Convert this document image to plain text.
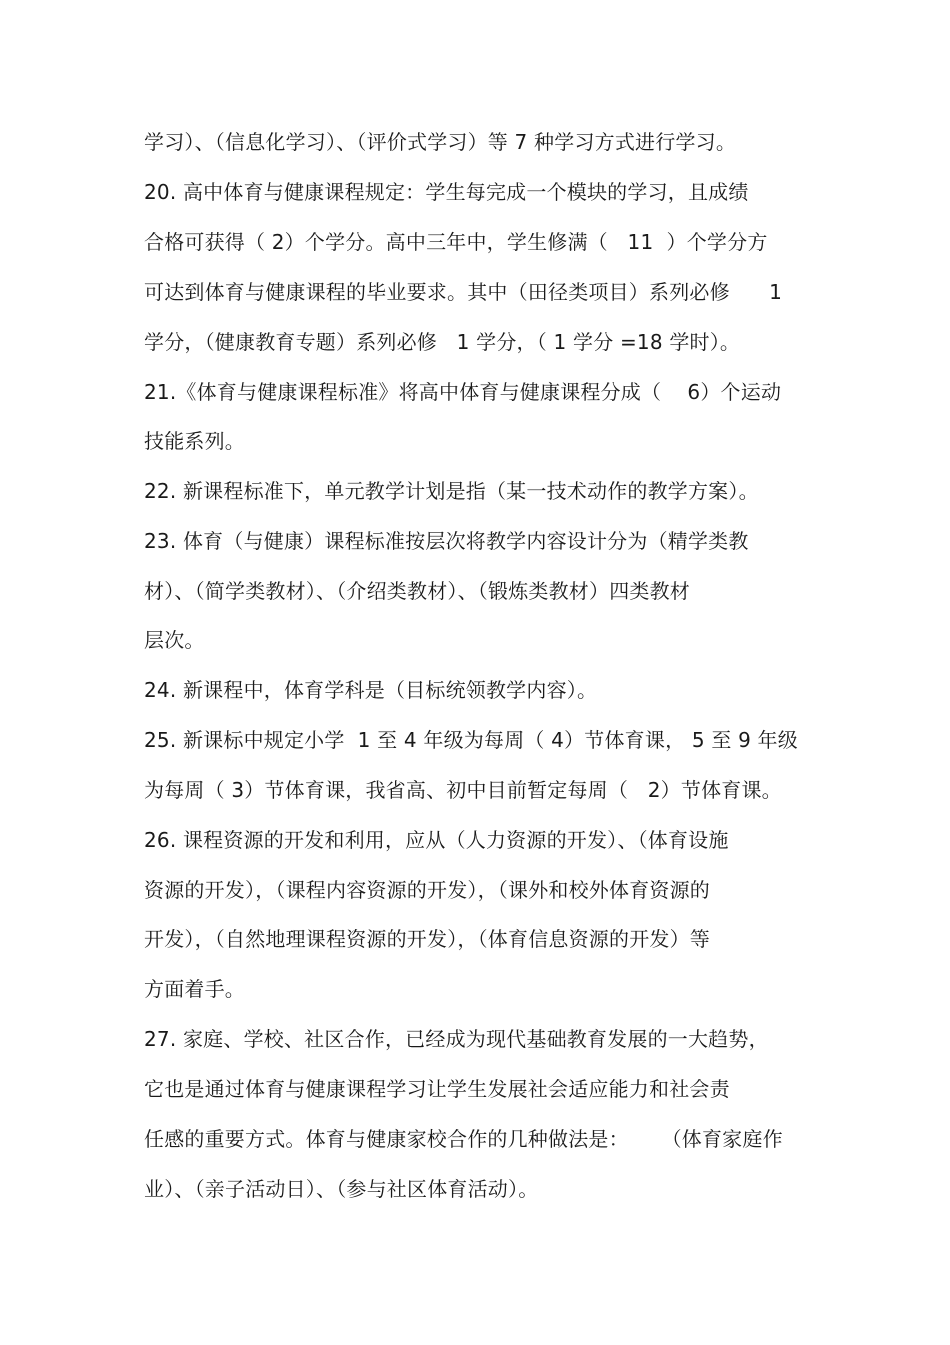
学习）、（信息化学习）、（评价式学习）等 7 种学习方式进行学习。
20. 高中体育与健康课程规定：学生每完成一个模块的学习，且成绩
合格可获得（ 2）个学分。高中三年中，学生修满（   11  ）个学分方
可达到体育与健康课程的毕业要求。其中（田径类项目）系列必修      1
学分，（健康教育专题）系列必修   1 学分，（ 1 学分 =18 学时）。
21.《体育与健康课程标准》将高中体育与健康课程分成（    6）个运动
技能系列。
22. 新课程标准下，单元教学计划是指（某一技术动作的教学方案）。
23. 体育（与健康）课程标准按层次将教学内容设计分为（精学类教
材）、（简学类教材）、（介绍类教材）、（锻炼类教材）四类教材
层次。
24. 新课程中，体育学科是（目标统领教学内容）。
25. 新课标中规定小学  1 至 4 年级为每周（ 4）节体育课， 5 至 9 年级
为每周（ 3）节体育课，我省高、初中目前暂定每周（   2）节体育课。
26. 课程资源的开发和利用，应从（人力资源的开发）、（体育设施
资源的开发），（课程内容资源的开发），（课外和校外体育资源的
开发），（自然地理课程资源的开发），（体育信息资源的开发）等
方面着手。
27. 家庭、学校、社区合作，已经成为现代基础教育发展的一大趋势，
它也是通过体育与健康课程学习让学生发展社会适应能力和社会责
任感的重要方式。体育与健康家校合作的几种做法是：     （体育家庭作
业）、（亲子活动日）、（参与社区体育活动）。
